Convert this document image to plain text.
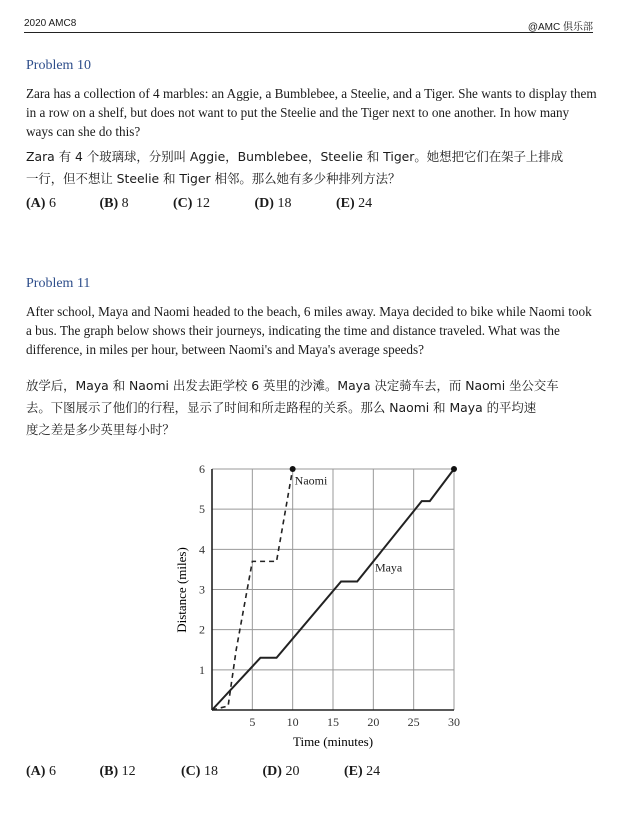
2020 AMC8	@AMC 俱乐部
Problem 10
Zara has a collection of 4 marbles: an Aggie, a Bumblebee, a Steelie, and a Tiger. She wants to display them in a row on a shelf, but does not want to put the Steelie and the Tiger next to one another. In how many ways can she do this?
Zara 有 4 个玻璃球，分别叫 Aggie，Bumblebee，Steelie 和 Tiger。她想把它们在架子上排成
一行，但不想让 Steelie 和 Tiger 相邻。那么她有多少种排列方法？
(A) 6	(B) 8	(C) 12	(D) 18	(E) 24
Problem 11
After school, Maya and Naomi headed to the beach, 6 miles away. Maya decided to bike while Naomi took a bus. The graph below shows their journeys, indicating the time and distance traveled. What was the difference, in miles per hour, between Naomi's and Maya's average speeds?
放学后，Maya 和 Naomi 出发去距学校 6 英里的沙滩。Maya 决定骑车去，而 Naomi 坐公交车
去。下图展示了他们的行程，显示了时间和所走路程的关系。那么 Naomi 和 Maya 的平均速
度之差是多少英里每小时？
5	10 15 20 25 30
1
2
3
4
5
6
Naomi
Maya
Distance (miles)
Time (minutes)
(A) 6	(B) 12	(C) 18	(D) 20	(E) 24
